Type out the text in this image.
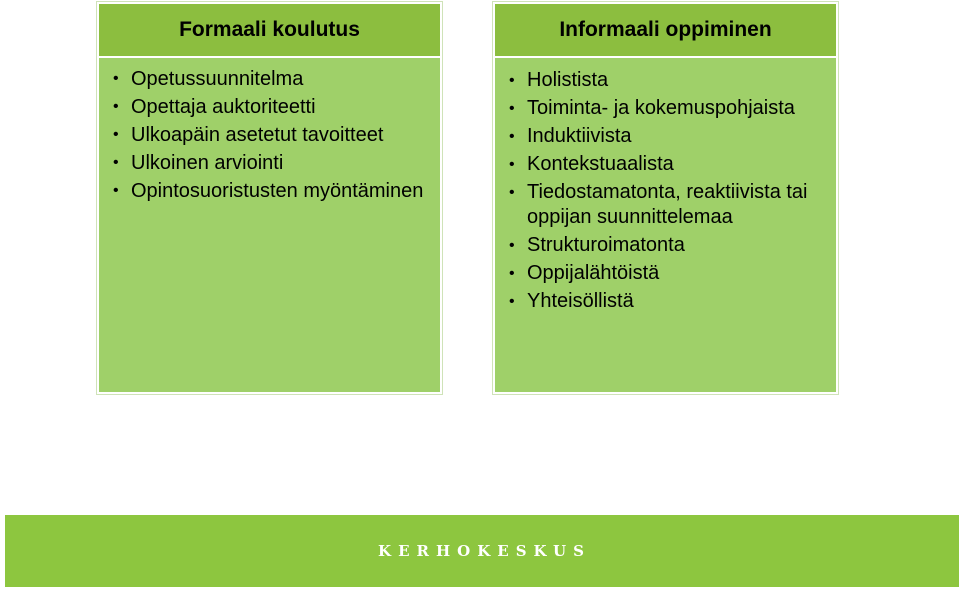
Formaali koulutus
• Opetussuunnitelma
• Opettaja auktoriteetti
• Ulkoapäin asetetut tavoitteet
• Ulkoinen arviointi
• Opintosuoristusten myöntäminen
Informaali oppiminen
• Holistista
• Toiminta- ja kokemuspohjaista
• Induktiivista
• Kontekstuaalista
• Tiedostamatonta, reaktiivista tai oppijan suunnittelemaa
• Strukturoimatonta
• Oppijalähtöistä
• Yhteisöllistä
KERHOKESKUS
